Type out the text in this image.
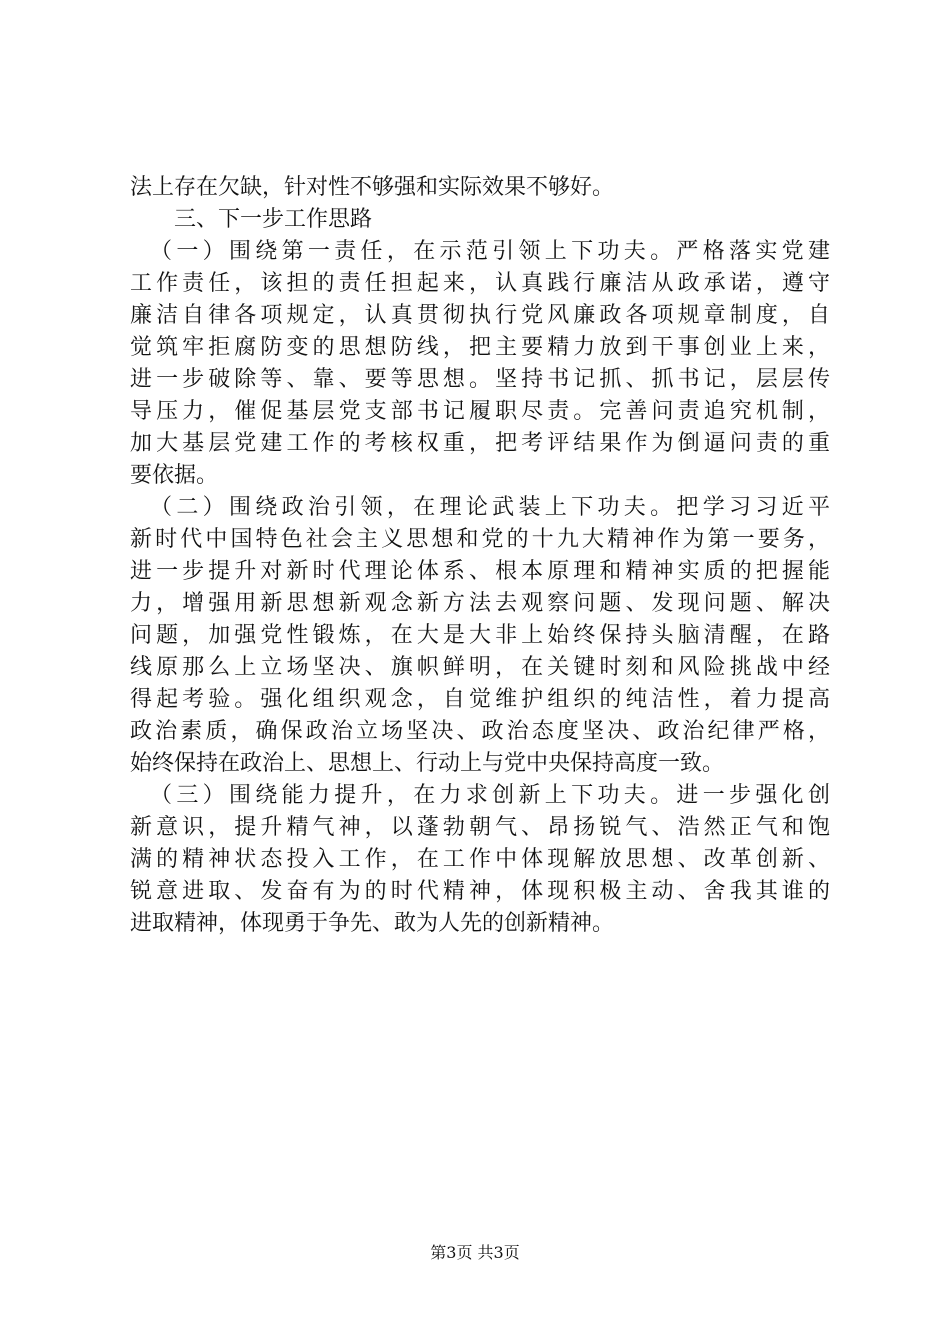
法上存在欠缺，针对性不够强和实际效果不够好。
三、下一步工作思路
（一）围绕第一责任，在示范引领上下功夫。严格落实党建
工作责任，该担的责任担起来，认真践行廉洁从政承诺，遵守
廉洁自律各项规定，认真贯彻执行党风廉政各项规章制度，自
觉筑牢拒腐防变的思想防线，把主要精力放到干事创业上来，
进一步破除等、靠、要等思想。坚持书记抓、抓书记，层层传
导压力，催促基层党支部书记履职尽责。完善问责追究机制，
加大基层党建工作的考核权重，把考评结果作为倒逼问责的重
要依据。
（二）围绕政治引领，在理论武装上下功夫。把学习习近平
新时代中国特色社会主义思想和党的十九大精神作为第一要务，
进一步提升对新时代理论体系、根本原理和精神实质的把握能
力，增强用新思想新观念新方法去观察问题、发现问题、解决
问题，加强党性锻炼，在大是大非上始终保持头脑清醒，在路
线原那么上立场坚决、旗帜鲜明，在关键时刻和风险挑战中经
得起考验。强化组织观念，自觉维护组织的纯洁性，着力提高
政治素质，确保政治立场坚决、政治态度坚决、政治纪律严格，
始终保持在政治上、思想上、行动上与党中央保持高度一致。
（三）围绕能力提升，在力求创新上下功夫。进一步强化创
新意识，提升精气神，以蓬勃朝气、昂扬锐气、浩然正气和饱
满的精神状态投入工作，在工作中体现解放思想、改革创新、
锐意进取、发奋有为的时代精神，体现积极主动、舍我其谁的
进取精神，体现勇于争先、敢为人先的创新精神。
第3页 共3页
